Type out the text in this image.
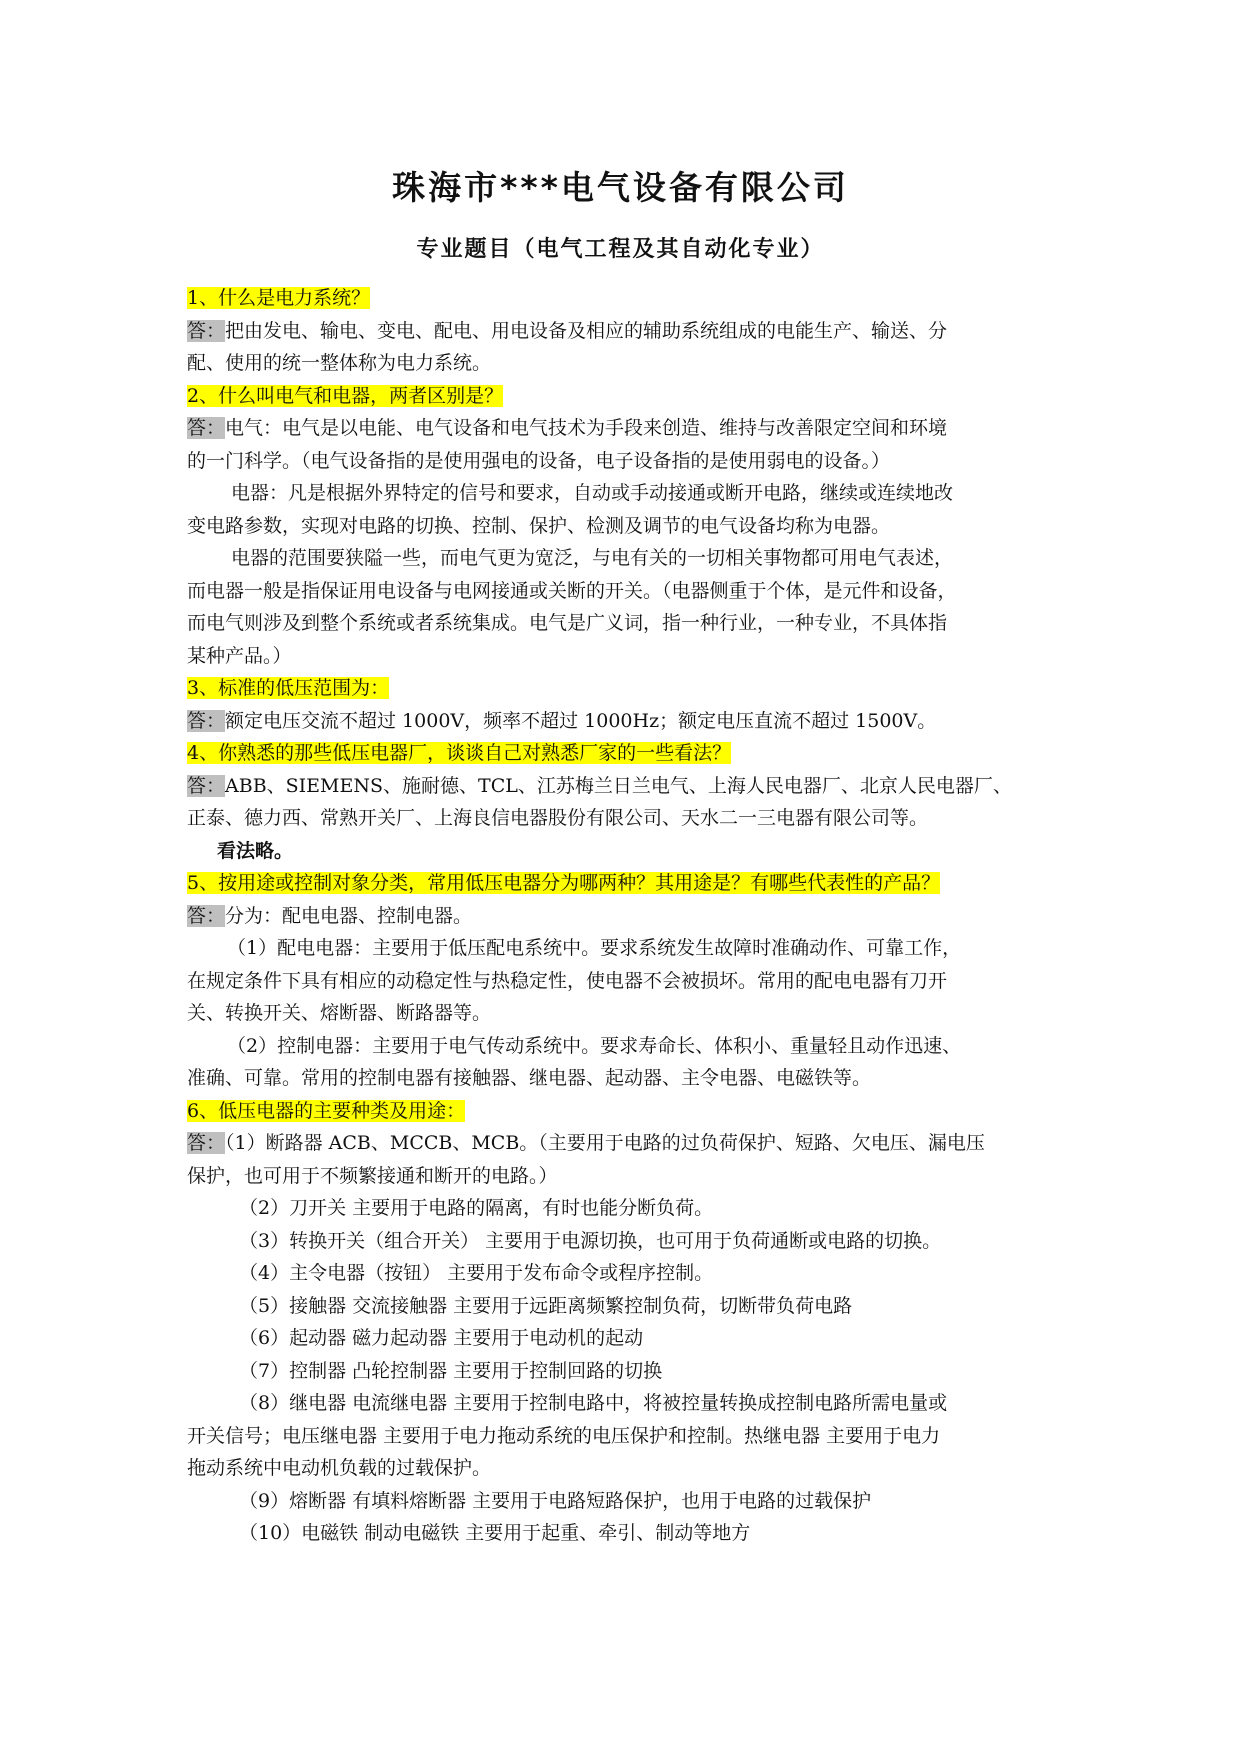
珠海市***电气设备有限公司
专业题目（电气工程及其自动化专业）
1、什么是电力系统？
答：把由发电、输电、变电、配电、用电设备及相应的辅助系统组成的电能生产、输送、分
配、使用的统一整体称为电力系统。
2、什么叫电气和电器，两者区别是？
答：电气：电气是以电能、电气设备和电气技术为手段来创造、维持与改善限定空间和环境
的一门科学。（电气设备指的是使用强电的设备，电子设备指的是使用弱电的设备。）
电器：凡是根据外界特定的信号和要求，自动或手动接通或断开电路，继续或连续地改
变电路参数，实现对电路的切换、控制、保护、检测及调节的电气设备均称为电器。
电器的范围要狭隘一些，而电气更为宽泛，与电有关的一切相关事物都可用电气表述，
而电器一般是指保证用电设备与电网接通或关断的开关。（电器侧重于个体，是元件和设备，
而电气则涉及到整个系统或者系统集成。电气是广义词，指一种行业，一种专业，不具体指
某种产品。）
3、标准的低压范围为：
答：额定电压交流不超过 1000V，频率不超过 1000Hz；额定电压直流不超过 1500V。
4、你熟悉的那些低压电器厂，谈谈自己对熟悉厂家的一些看法？
答：ABB、SIEMENS、施耐德、TCL、江苏梅兰日兰电气、上海人民电器厂、北京人民电器厂、
正泰、德力西、常熟开关厂、上海良信电器股份有限公司、天水二一三电器有限公司等。
看法略。
5、按用途或控制对象分类，常用低压电器分为哪两种？其用途是？有哪些代表性的产品？
答：分为：配电电器、控制电器。
（1）配电电器：主要用于低压配电系统中。要求系统发生故障时准确动作、可靠工作，
在规定条件下具有相应的动稳定性与热稳定性，使电器不会被损坏。常用的配电电器有刀开
关、转换开关、熔断器、断路器等。
（2）控制电器：主要用于电气传动系统中。要求寿命长、体积小、重量轻且动作迅速、
准确、可靠。常用的控制电器有接触器、继电器、起动器、主令电器、电磁铁等。
6、低压电器的主要种类及用途：
答：（1）断路器 ACB、MCCB、MCB。（主要用于电路的过负荷保护、短路、欠电压、漏电压
保护，也可用于不频繁接通和断开的电路。）
（2）刀开关 主要用于电路的隔离，有时也能分断负荷。
（3）转换开关（组合开关） 主要用于电源切换，也可用于负荷通断或电路的切换。
（4）主令电器（按钮） 主要用于发布命令或程序控制。
（5）接触器 交流接触器 主要用于远距离频繁控制负荷，切断带负荷电路
（6）起动器 磁力起动器 主要用于电动机的起动
（7）控制器 凸轮控制器 主要用于控制回路的切换
（8）继电器 电流继电器 主要用于控制电路中，将被控量转换成控制电路所需电量或
开关信号；电压继电器 主要用于电力拖动系统的电压保护和控制。热继电器 主要用于电力
拖动系统中电动机负载的过载保护。
（9）熔断器 有填料熔断器 主要用于电路短路保护，也用于电路的过载保护
（10）电磁铁 制动电磁铁 主要用于起重、牵引、制动等地方
